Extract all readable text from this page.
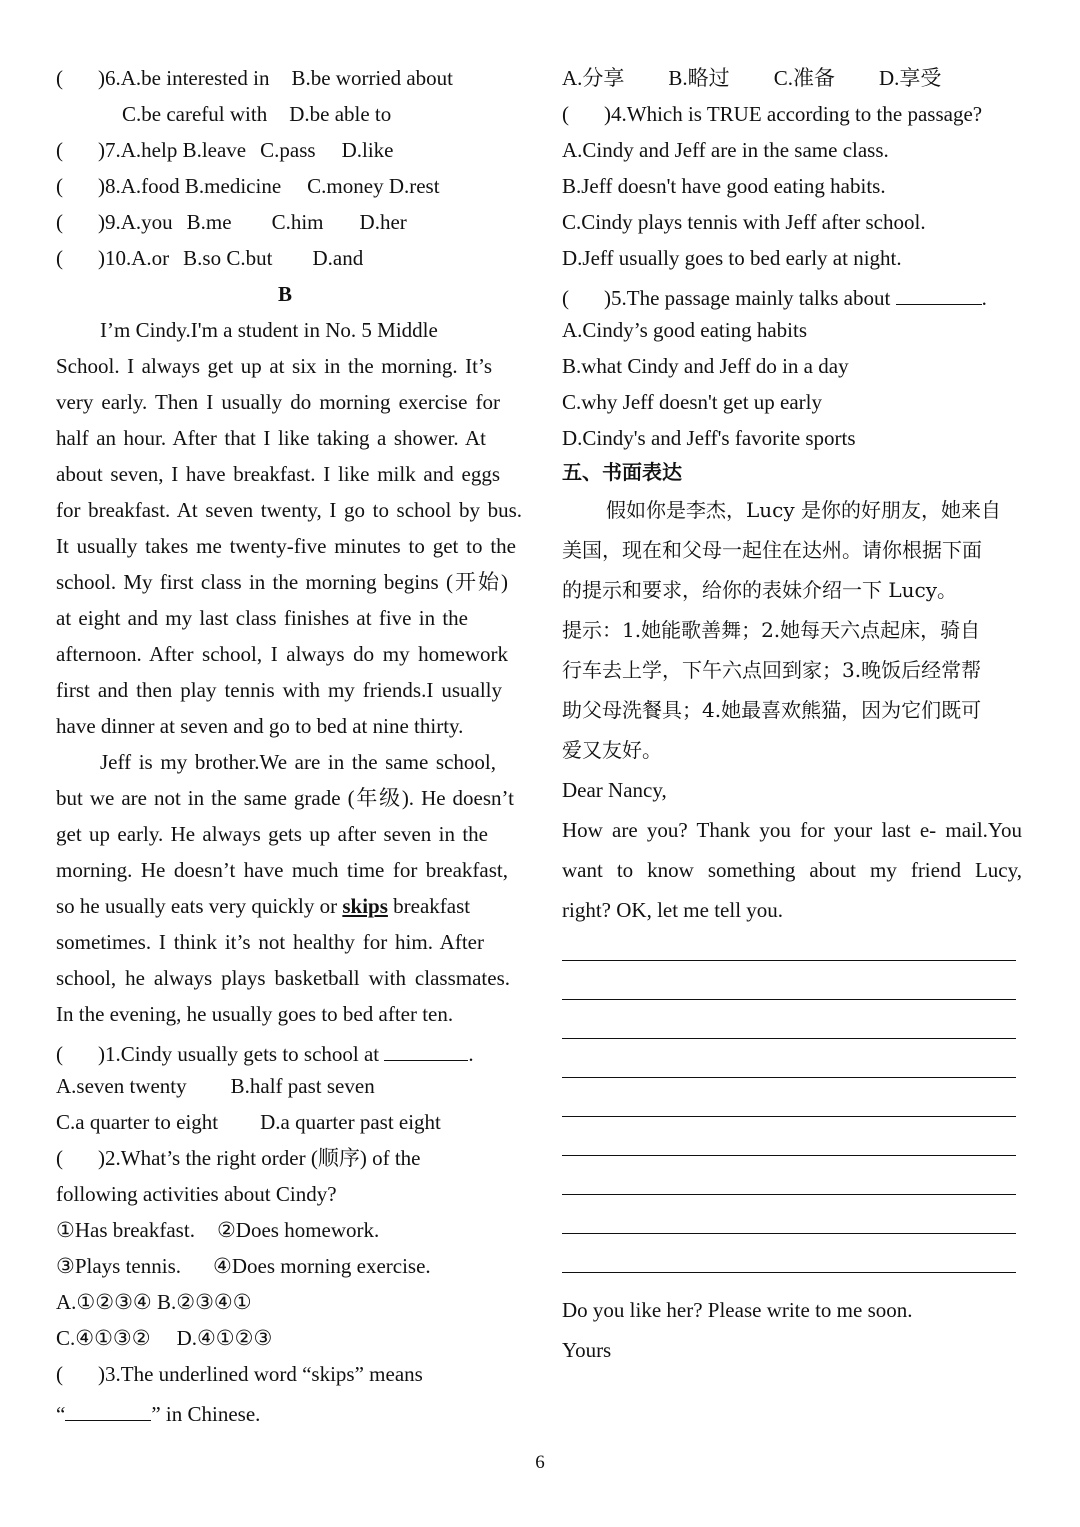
( )6.A.be interested in B.be worried about
C.be careful with D.be able to
( )7.A.help B.leave C.pass D.like
( )8.A.food B.medicine C.money D.rest
( )9.A.you B.me C.him D.her
( )10.A.or B.so C.but D.and
B
I’m Cindy.I'm a student in No. 5 Middle
School. I always get up at six in the morning. It’s
very early. Then I usually do morning exercise for
half an hour. After that I like taking a shower. At
about seven, I have breakfast. I like milk and eggs
for breakfast. At seven twenty, I go to school by bus.
It usually takes me twenty-five minutes to get to the
school. My first class in the morning begins (开始)
at eight and my last class finishes at five in the
afternoon. After school, I always do my homework
first and then play tennis with my friends.I usually
have dinner at seven and go to bed at nine thirty.
Jeff is my brother.We are in the same school,
but we are not in the same grade (年级). He doesn’t
get up early. He always gets up after seven in the
morning. He doesn’t have much time for breakfast,
so he usually eats very quickly or skips breakfast
sometimes. I think it’s not healthy for him. After
school, he always plays basketball with classmates.
In the evening, he usually goes to bed after ten.
( )1.Cindy usually gets to school at	.
A.seven twenty B.half past seven
C.a quarter to eight D.a quarter past eight
( )2.What’s the right order (顺序) of the
following activities about Cindy?
①Has breakfast. ②Does homework.
③Plays tennis. ④Does morning exercise.
A.①②③④ B.②③④①
C.④①③② D.④①②③
( )3.The underlined word “skips” means
“	” in Chinese.
A.分享 B.略过 C.准备 D.享受
( )4.Which is TRUE according to the passage?
A.Cindy and Jeff are in the same class.
B.Jeff doesn't have good eating habits.
C.Cindy plays tennis with Jeff after school.
D.Jeff usually goes to bed early at night.
( )5.The passage mainly talks about	.
A.Cindy’s good eating habits
B.what Cindy and Jeff do in a day
C.why Jeff doesn't get up early
D.Cindy's and Jeff's favorite sports
五、书面表达
假如你是李杰，Lucy 是你的好朋友，她来自
美国，现在和父母一起住在达州。请你根据下面
的提示和要求，给你的表妹介绍一下 Lucy。
提示：1.她能歌善舞；2.她每天六点起床，骑自
行车去上学，下午六点回到家；3.晚饭后经常帮
助父母洗餐具；4.她最喜欢熊猫，因为它们既可
爱又友好。
Dear Nancy,
How are you? Thank you for your last e- mail.You
want to know something about my friend Lucy,
right? OK, let me tell you.
Do you like her? Please write to me soon.
Yours
6
